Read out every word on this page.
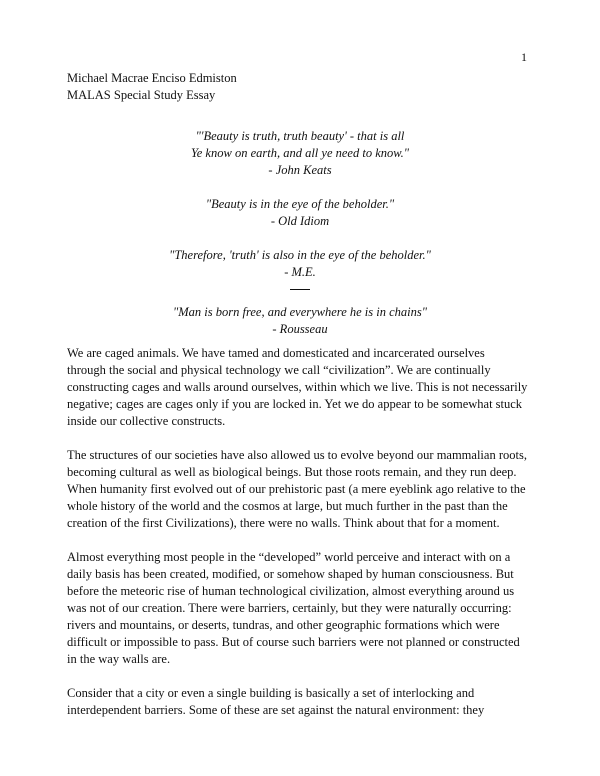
1
Michael Macrae Enciso Edmiston
MALAS Special Study Essay
"'Beauty is truth, truth beauty' - that is all
Ye know on earth, and all ye need to know."
- John Keats
"Beauty is in the eye of the beholder."
- Old Idiom
"Therefore, 'truth' is also in the eye of the beholder."
- M.E.
"Man is born free, and everywhere he is in chains"
- Rousseau
We are caged animals. We have tamed and domesticated and incarcerated ourselves
through the social and physical technology we call “civilization”. We are continually
constructing cages and walls around ourselves, within which we live. This is not necessarily
negative; cages are cages only if you are locked in. Yet we do appear to be somewhat stuck
inside our collective constructs.
The structures of our societies have also allowed us to evolve beyond our mammalian roots,
becoming cultural as well as biological beings. But those roots remain, and they run deep.
When humanity first evolved out of our prehistoric past (a mere eyeblink ago relative to the
whole history of the world and the cosmos at large, but much further in the past than the
creation of the first Civilizations), there were no walls. Think about that for a moment.
Almost everything most people in the “developed” world perceive and interact with on a
daily basis has been created, modified, or somehow shaped by human consciousness. But
before the meteoric rise of human technological civilization, almost everything around us
was not of our creation. There were barriers, certainly, but they were naturally occurring:
rivers and mountains, or deserts, tundras, and other geographic formations which were
difficult or impossible to pass. But of course such barriers were not planned or constructed
in the way walls are.
Consider that a city or even a single building is basically a set of interlocking and
interdependent barriers. Some of these are set against the natural environment: they
